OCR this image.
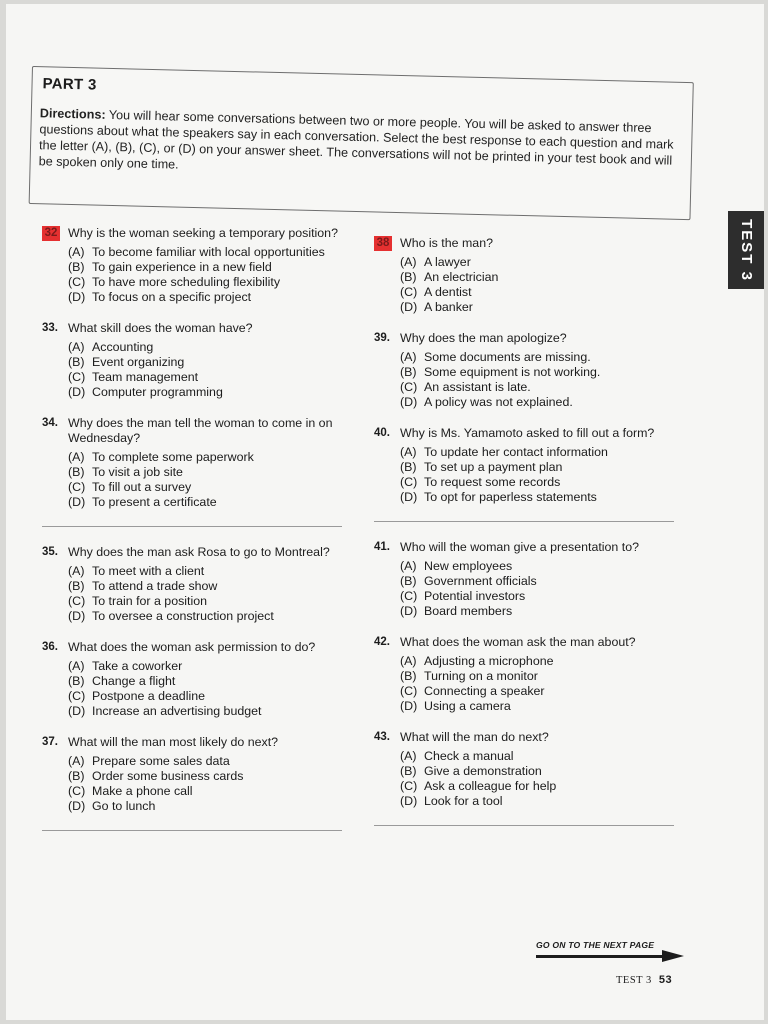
PART 3
Directions: You will hear some conversations between two or more people. You will be asked to answer three questions about what the speakers say in each conversation. Select the best response to each question and mark the letter (A), (B), (C), or (D) on your answer sheet. The conversations will not be printed in your test book and will be spoken only one time.
TEST 3
32 Why is the woman seeking a temporary position?
(A) To become familiar with local opportunities
(B) To gain experience in a new field
(C) To have more scheduling flexibility
(D) To focus on a specific project
33. What skill does the woman have?
(A) Accounting
(B) Event organizing
(C) Team management
(D) Computer programming
34. Why does the man tell the woman to come in on Wednesday?
(A) To complete some paperwork
(B) To visit a job site
(C) To fill out a survey
(D) To present a certificate
35. Why does the man ask Rosa to go to Montreal?
(A) To meet with a client
(B) To attend a trade show
(C) To train for a position
(D) To oversee a construction project
36. What does the woman ask permission to do?
(A) Take a coworker
(B) Change a flight
(C) Postpone a deadline
(D) Increase an advertising budget
37. What will the man most likely do next?
(A) Prepare some sales data
(B) Order some business cards
(C) Make a phone call
(D) Go to lunch
38 Who is the man?
(A) A lawyer
(B) An electrician
(C) A dentist
(D) A banker
39. Why does the man apologize?
(A) Some documents are missing.
(B) Some equipment is not working.
(C) An assistant is late.
(D) A policy was not explained.
40. Why is Ms. Yamamoto asked to fill out a form?
(A) To update her contact information
(B) To set up a payment plan
(C) To request some records
(D) To opt for paperless statements
41. Who will the woman give a presentation to?
(A) New employees
(B) Government officials
(C) Potential investors
(D) Board members
42. What does the woman ask the man about?
(A) Adjusting a microphone
(B) Turning on a monitor
(C) Connecting a speaker
(D) Using a camera
43. What will the man do next?
(A) Check a manual
(B) Give a demonstration
(C) Ask a colleague for help
(D) Look for a tool
GO ON TO THE NEXT PAGE
TEST 3 53
